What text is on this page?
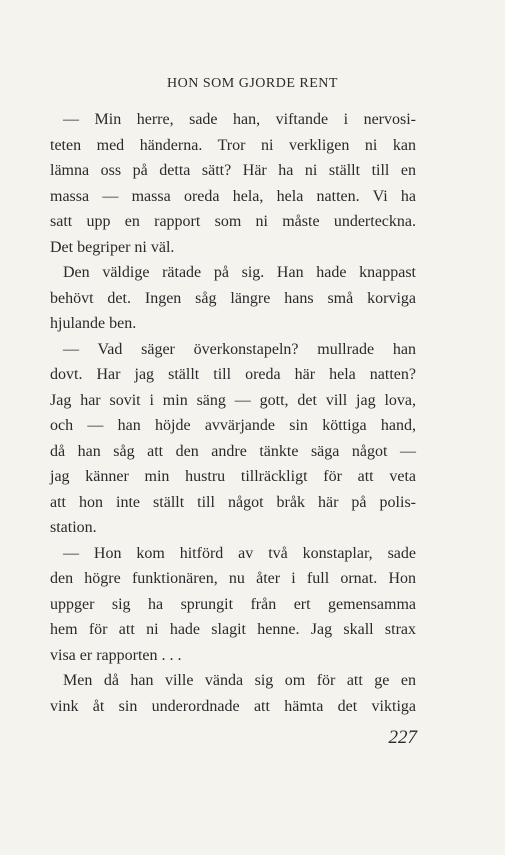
HON SOM GJORDE RENT
— Min herre, sade han, viftande i nervosi-
teten med händerna. Tror ni verkligen ni kan
lämna oss på detta sätt? Här ha ni ställt till en
massa — massa oreda hela, hela natten. Vi ha
satt upp en rapport som ni måste underteckna.
Det begriper ni väl.
Den väldige rätade på sig. Han hade knappast
behövt det. Ingen såg längre hans små korviga
hjulande ben.
— Vad säger överkonstapeln? mullrade han
dovt. Har jag ställt till oreda här hela natten?
Jag har sovit i min säng — gott, det vill jag lova,
och — han höjde avvärjande sin köttiga hand,
då han såg att den andre tänkte säga något —
jag känner min hustru tillräckligt för att veta
att hon inte ställt till något bråk här på polis-
station.
— Hon kom hitförd av två konstaplar, sade
den högre funktionären, nu åter i full ornat. Hon
uppger sig ha sprungit från ert gemensamma
hem för att ni hade slagit henne. Jag skall strax
visa er rapporten . . .
Men då han ville vända sig om för att ge en
vink åt sin underordnade att hämta det viktiga
227
